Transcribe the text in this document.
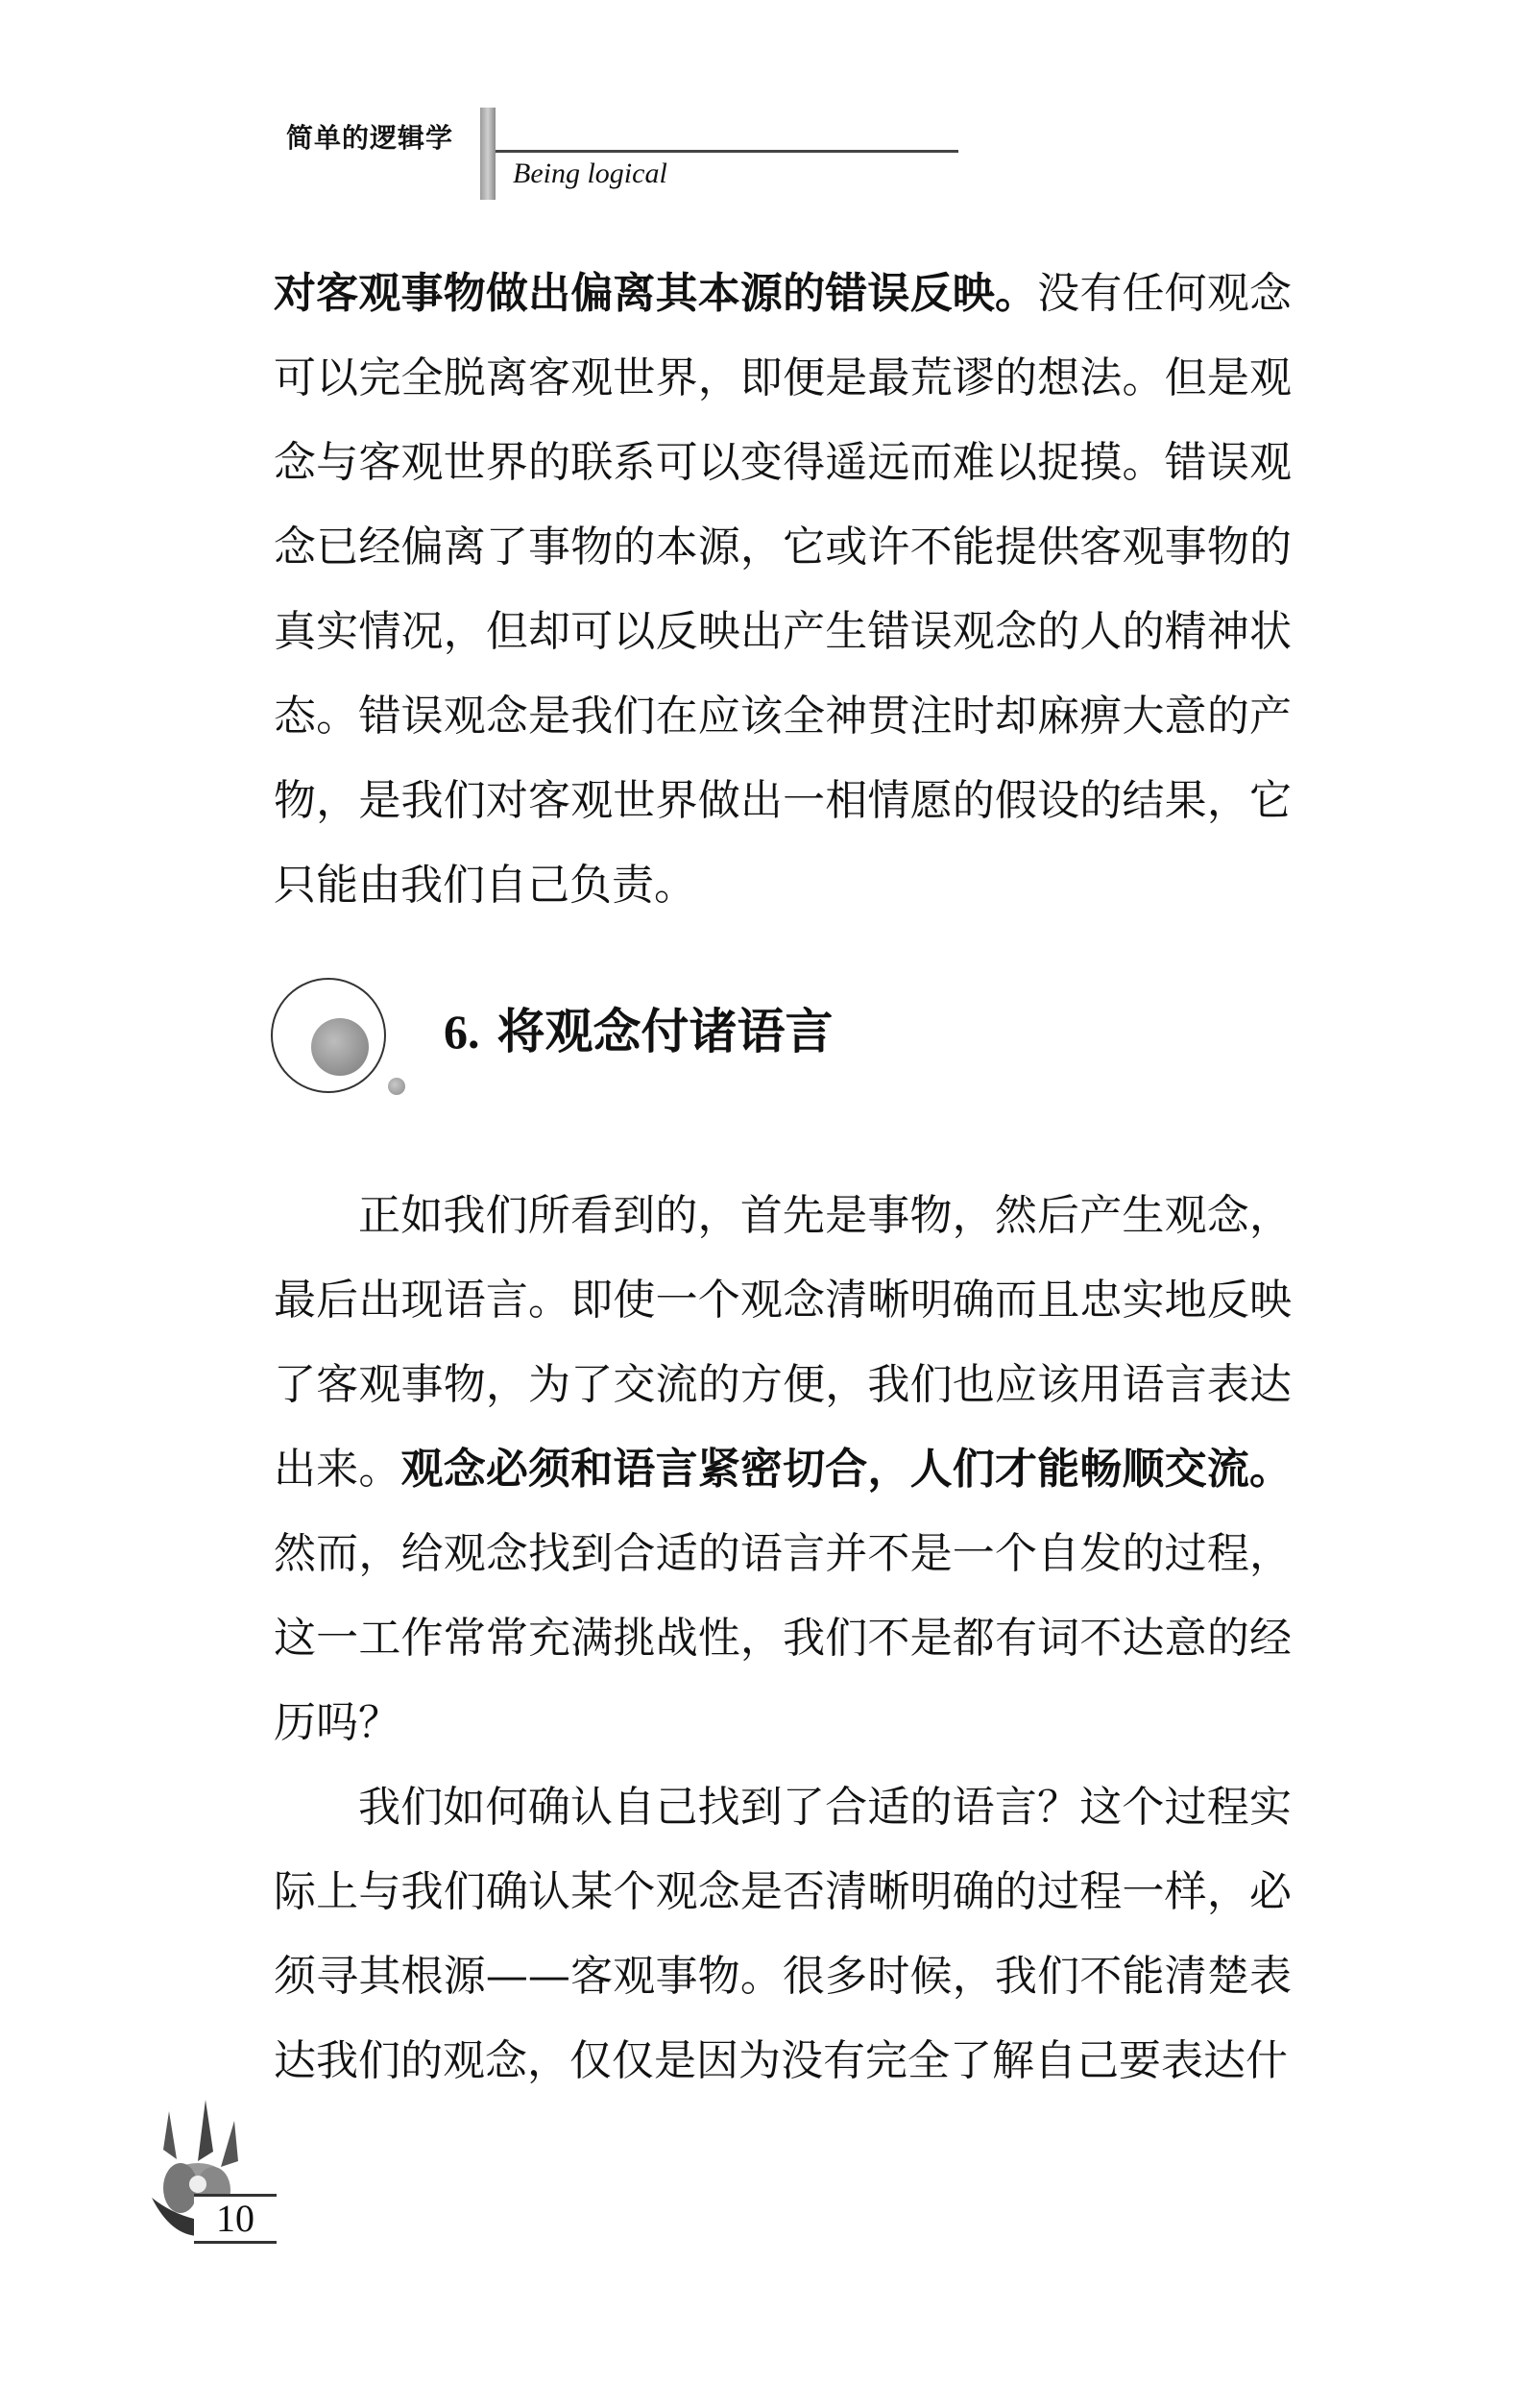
简单的逻辑学
Being logical

对客观事物做出偏离其本源的错误反映。没有任何观念可以完全脱离客观世界，即便是最荒谬的想法。但是观念与客观世界的联系可以变得遥远而难以捉摸。错误观念已经偏离了事物的本源，它或许不能提供客观事物的真实情况，但却可以反映出产生错误观念的人的精神状态。错误观念是我们在应该全神贯注时却麻痹大意的产物，是我们对客观世界做出一相情愿的假设的结果，它只能由我们自己负责。

6. 将观念付诸语言

正如我们所看到的，首先是事物，然后产生观念，最后出现语言。即使一个观念清晰明确而且忠实地反映了客观事物，为了交流的方便，我们也应该用语言表达出来。观念必须和语言紧密切合，人们才能畅顺交流。然而，给观念找到合适的语言并不是一个自发的过程，这一工作常常充满挑战性，我们不是都有词不达意的经历吗？

我们如何确认自己找到了合适的语言？这个过程实际上与我们确认某个观念是否清晰明确的过程一样，必须寻其根源——客观事物。很多时候，我们不能清楚表达我们的观念，仅仅是因为没有完全了解自己要表达什

10
